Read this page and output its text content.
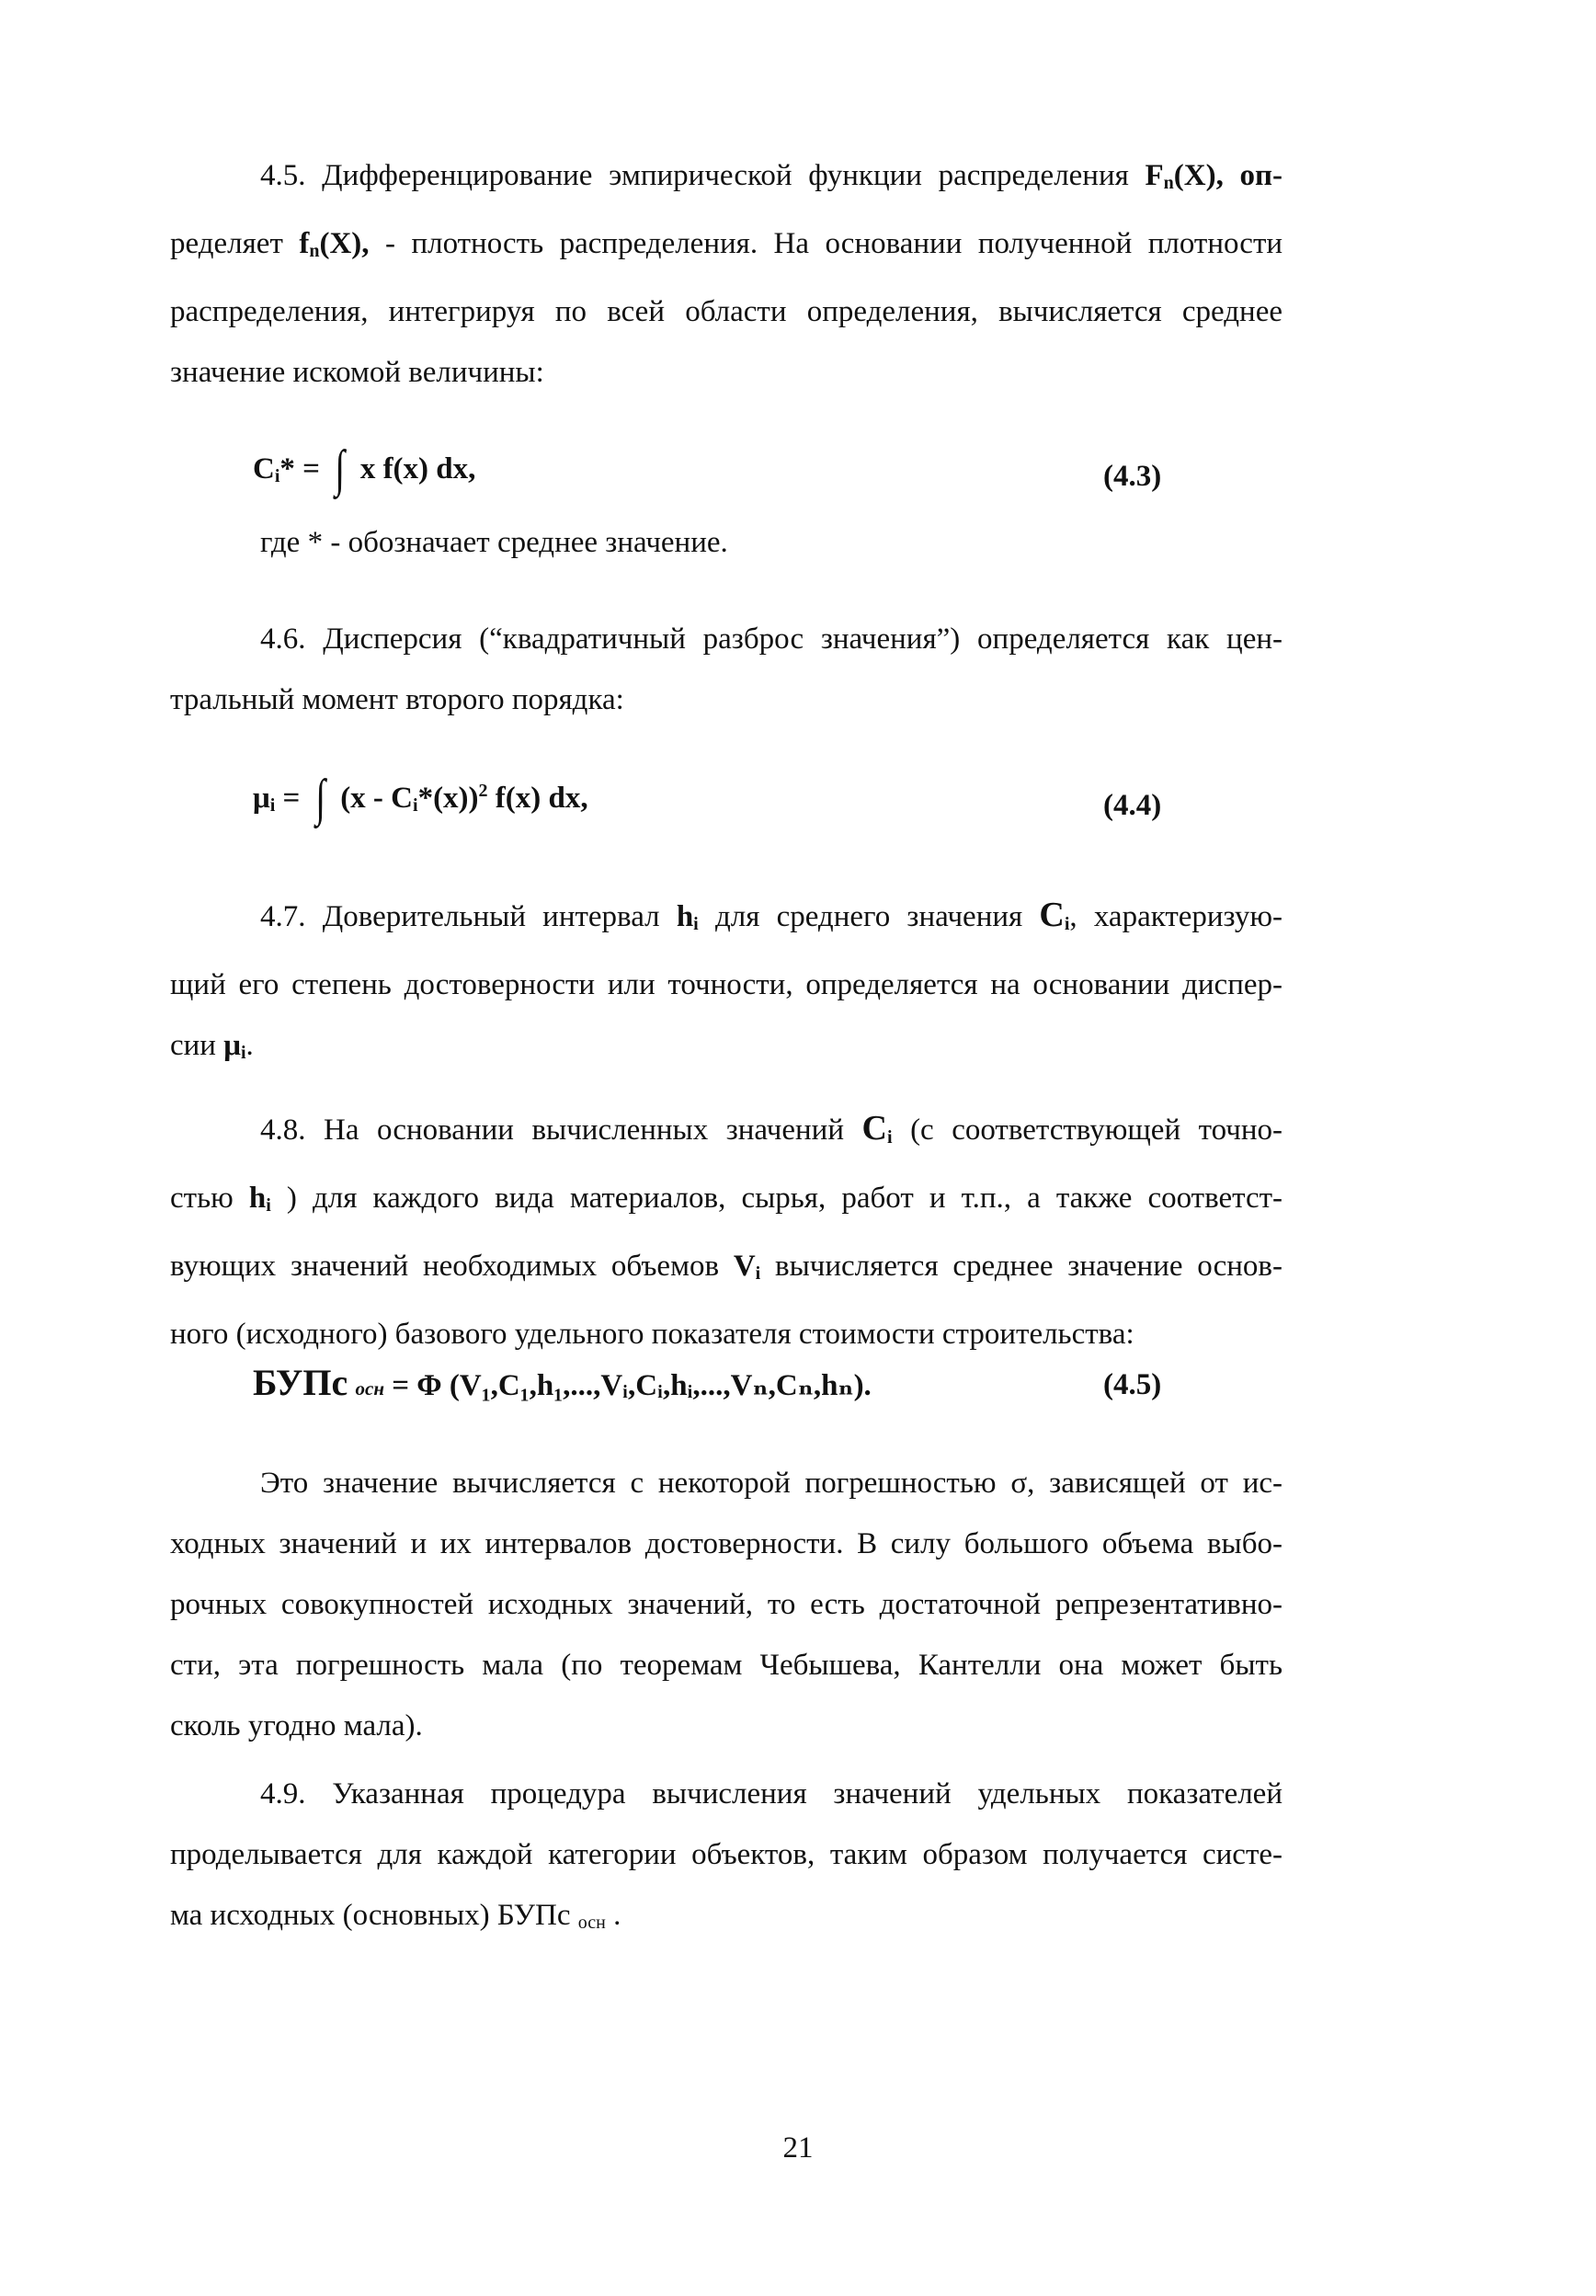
4.5. Дифференцирование эмпирической функции распределения $F_n(X)$, оп-
ределяет $f_n(X)$, - плотность распределения. На основании полученной плотности
распределения, интегрируя по всей области определения, вычисляется среднее
значение искомой величины:
$C_i*$ = ∫ x f(x) dx,	(4.3)
где * - обозначает среднее значение.
4.6. Дисперсия (“квадратичный разброс значения”) определяется как цен-
тральный момент второго порядка:
$\mu_i$ = ∫ $(x - C_i*(x))^2$ f(x) dx,	(4.4)
4.7. Доверительный интервал $h_i$ для среднего значения $C_i$, характеризую-
щий его степень достоверности или точности, определяется на основании диспер-
сии $\mu_i$.
4.8. На основании вычисленных значений $C_i$ (с соответствующей точно-
стью $h_i$ ) для каждого вида материалов, сырья, работ и т.п., а также соответст-
вующих значений необходимых объемов $V_i$ вычисляется среднее значение основ-
ного (исходного) базового удельного показателя стоимости строительства:
БУПс осн = Φ (V₁,C₁,h₁,...,Vᵢ,Cᵢ,hᵢ,...,Vₙ,Cₙ,hₙ).	(4.5)
Это значение вычисляется с некоторой погрешностью σ, зависящей от ис-
ходных значений и их интервалов достоверности. В силу большого объема выбо-
рочных совокупностей исходных значений, то есть достаточной репрезентативно-
сти, эта погрешность мала (по теоремам Чебышева, Кантелли она может быть
сколь угодно мала).
4.9. Указанная процедура вычисления значений удельных показателей
проделывается для каждой категории объектов, таким образом получается систе-
ма исходных (основных) БУПс $_{осн}$ .
21
